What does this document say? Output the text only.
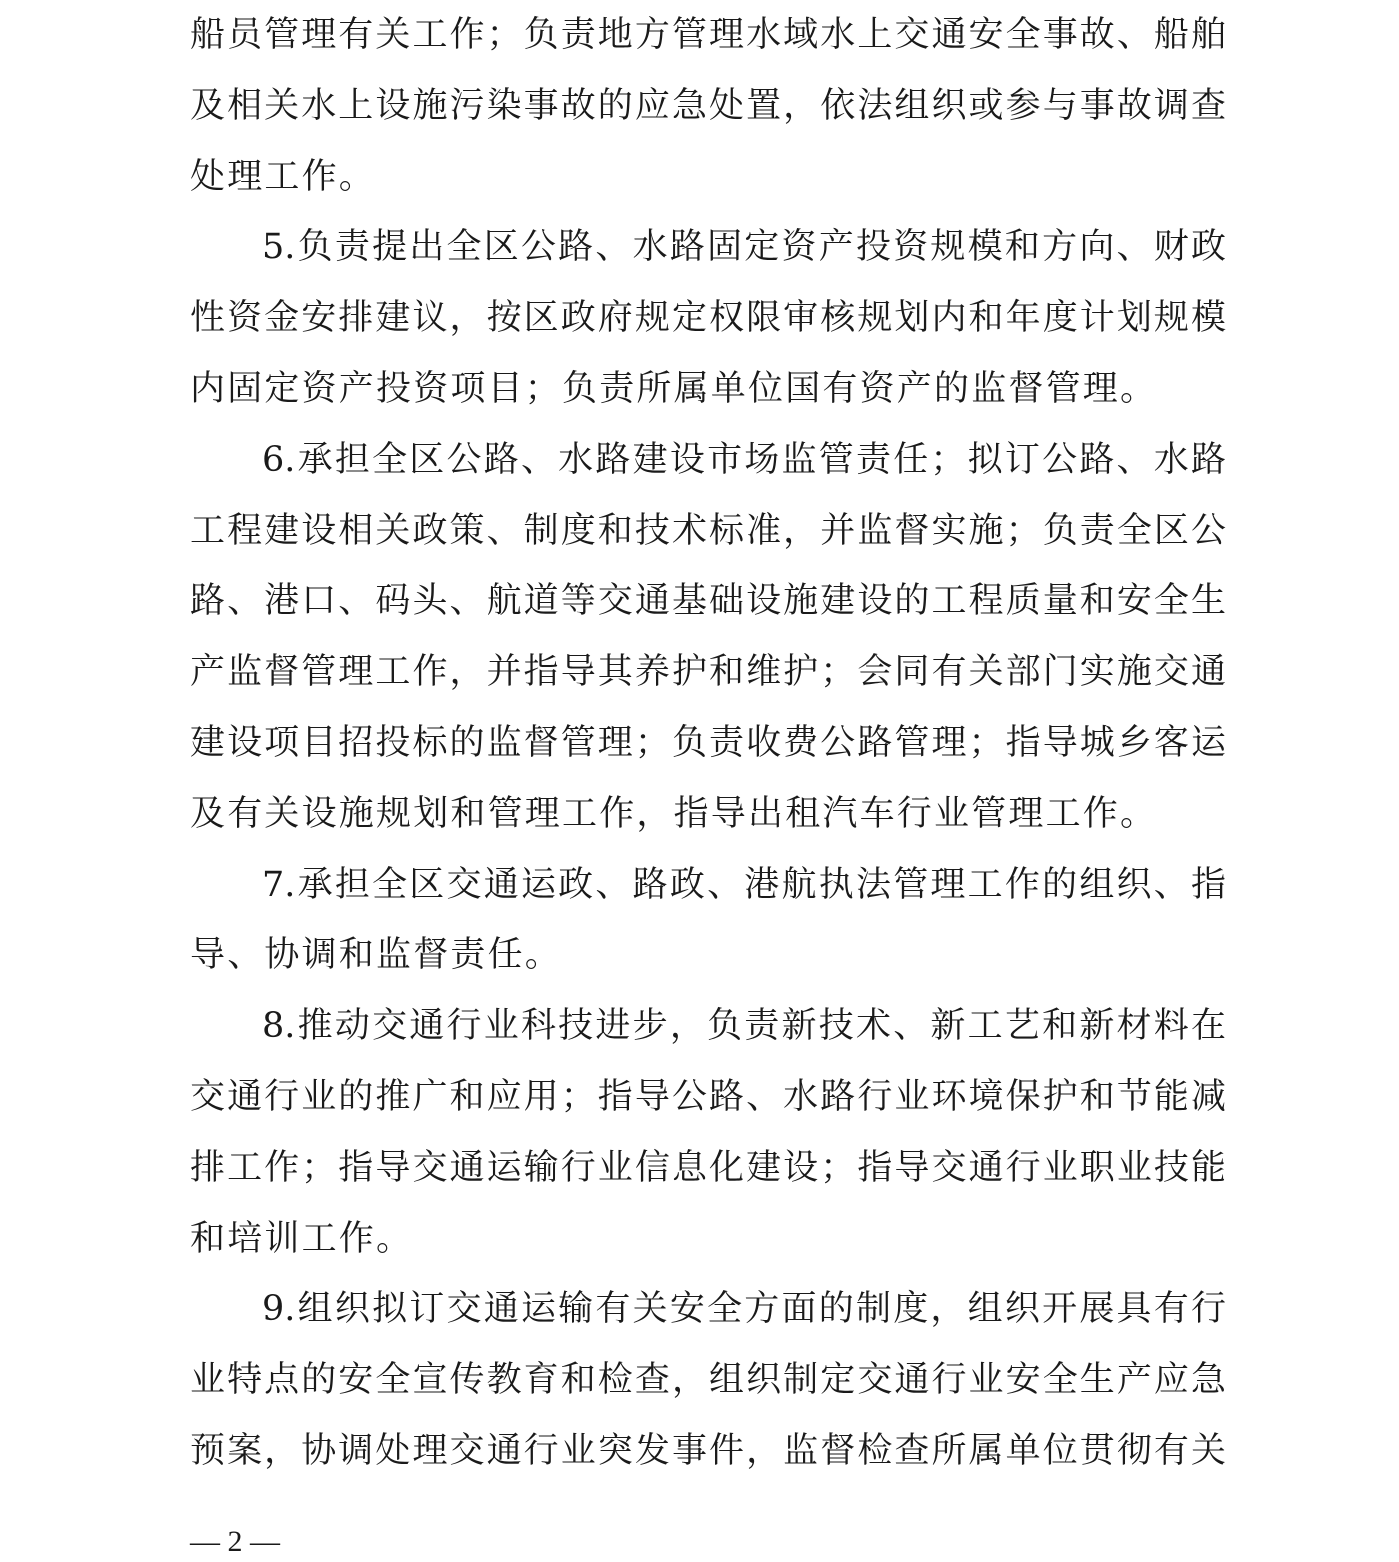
船员管理有关工作；负责地方管理水域水上交通安全事故、船舶
及相关水上设施污染事故的应急处置，依法组织或参与事故调查
处理工作。
5.负责提出全区公路、水路固定资产投资规模和方向、财政
性资金安排建议，按区政府规定权限审核规划内和年度计划规模
内固定资产投资项目；负责所属单位国有资产的监督管理。
6.承担全区公路、水路建设市场监管责任；拟订公路、水路
工程建设相关政策、制度和技术标准，并监督实施；负责全区公
路、港口、码头、航道等交通基础设施建设的工程质量和安全生
产监督管理工作，并指导其养护和维护；会同有关部门实施交通
建设项目招投标的监督管理；负责收费公路管理；指导城乡客运
及有关设施规划和管理工作，指导出租汽车行业管理工作。
7.承担全区交通运政、路政、港航执法管理工作的组织、指
导、协调和监督责任。
8.推动交通行业科技进步，负责新技术、新工艺和新材料在
交通行业的推广和应用；指导公路、水路行业环境保护和节能减
排工作；指导交通运输行业信息化建设；指导交通行业职业技能
和培训工作。
9.组织拟订交通运输有关安全方面的制度，组织开展具有行
业特点的安全宣传教育和检查，组织制定交通行业安全生产应急
预案，协调处理交通行业突发事件，监督检查所属单位贯彻有关
— 2 —
